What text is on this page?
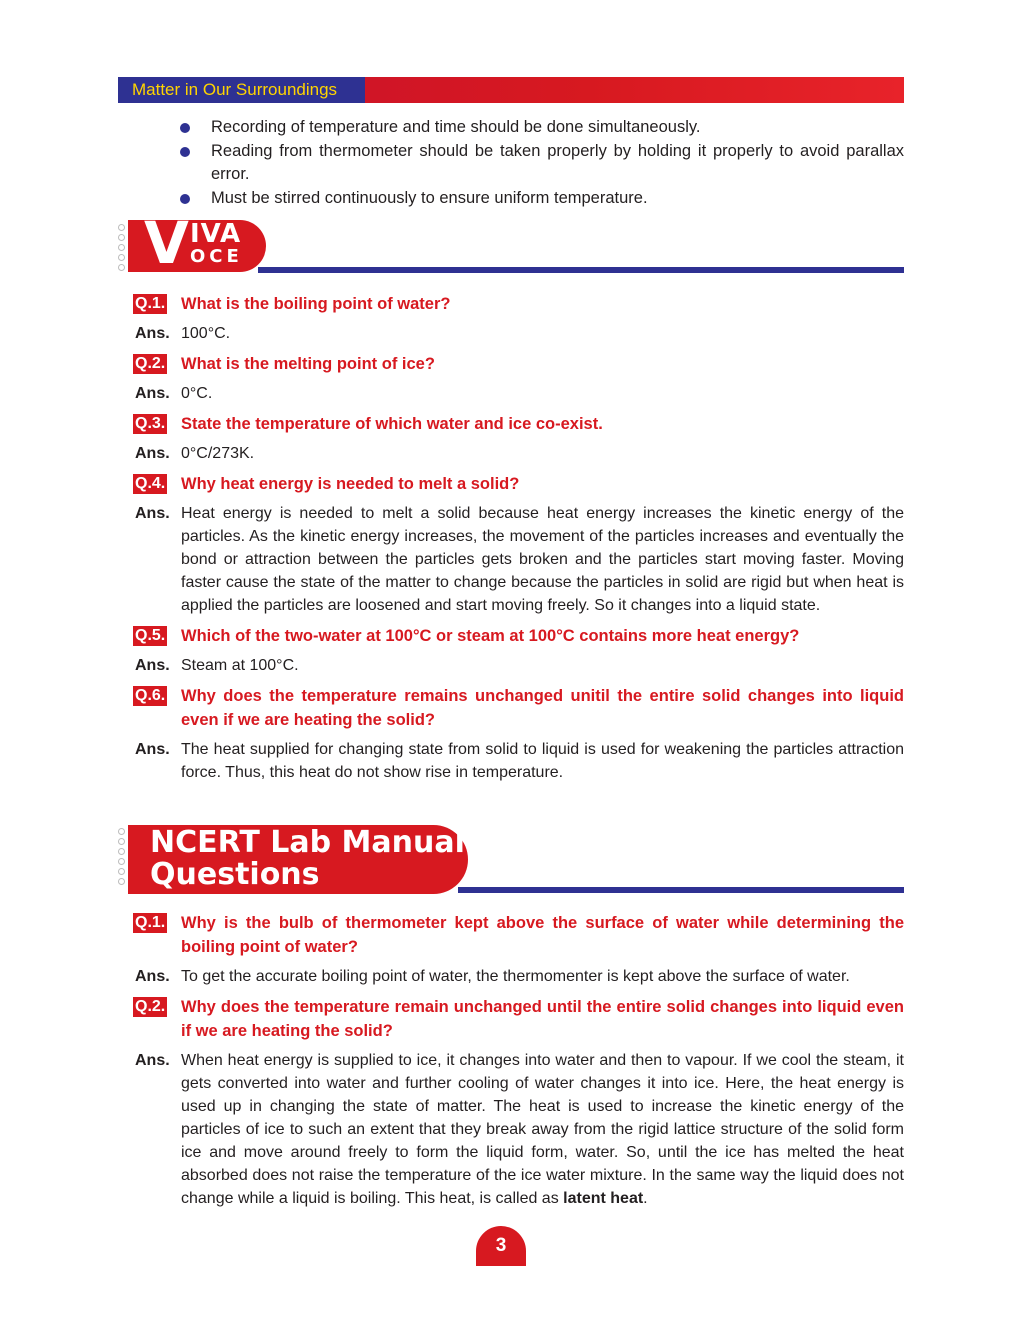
Matter in Our Surroundings
Recording of temperature and time should be done simultaneously.
Reading from thermometer should be taken properly by holding it properly to avoid parallax error.
Must be stirred continuously to ensure uniform temperature.
V IVA
OCE
Q.1. What is the boiling point of water?
Ans. 100°C.
Q.2. What is the melting point of ice?
Ans. 0°C.
Q.3. State the temperature of which water and ice co-exist.
Ans. 0°C/273K.
Q.4. Why heat energy is needed to melt a solid?
Ans. Heat energy is needed to melt a solid because heat energy increases the kinetic energy of the particles. As the kinetic energy increases, the movement of the particles increases and eventually the bond or attraction between the particles gets broken and the particles start moving faster. Moving faster cause the state of the matter to change because the particles in solid are rigid but when heat is applied the particles are loosened and start moving freely. So it changes into a liquid state.
Q.5. Which of the two-water at 100°C or steam at 100°C contains more heat energy?
Ans. Steam at 100°C.
Q.6. Why does the temperature remains unchanged unitil the entire solid changes into liquid even if we are heating the solid?
Ans. The heat supplied for changing state from solid to liquid is used for weakening the particles attraction force. Thus, this heat do not show rise in temperature.
NCERT Lab Manual
Questions
Q.1. Why is the bulb of thermometer kept above the surface of water while determining the boiling point of water?
Ans. To get the accurate boiling point of water, the thermomenter is kept above the surface of water.
Q.2. Why does the temperature remain unchanged until the entire solid changes into liquid even if we are heating the solid?
Ans. When heat energy is supplied to ice, it changes into water and then to vapour. If we cool the steam, it gets converted into water and further cooling of water changes it into ice. Here, the heat energy is used up in changing the state of matter. The heat is used to increase the kinetic energy of the particles of ice to such an extent that they break away from the rigid lattice structure of the solid form ice and move around freely to form the liquid form, water. So, until the ice has melted the heat absorbed does not raise the temperature of the ice water mixture. In the same way the liquid does not change while a liquid is boiling. This heat, is called as latent heat.
3
